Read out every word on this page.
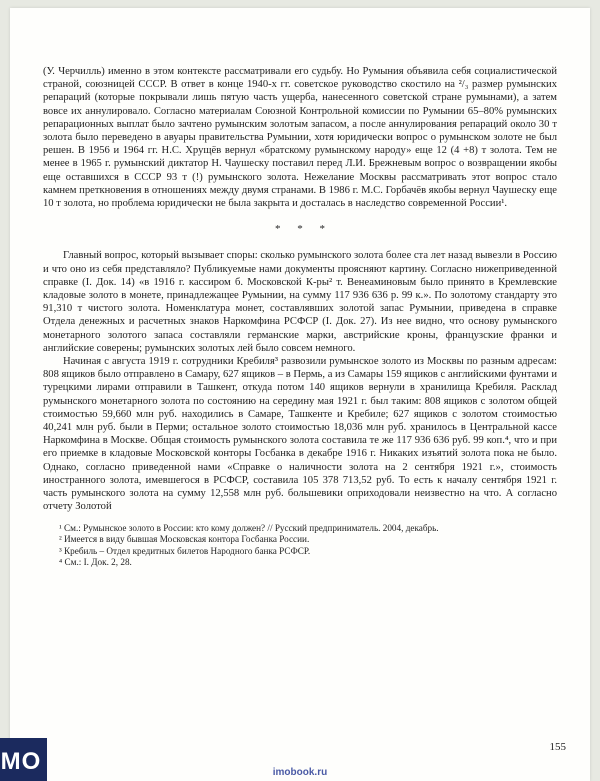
(У. Черчилль) именно в этом контексте рассматривали его судьбу. Но Румыния объявила себя социалистической страной, союзницей СССР. В ответ в конце 1940-х гг. советское руководство скостило на ²/₃ размер румынских репараций (которые покрывали лишь пятую часть ущерба, нанесенного советской стране румынами), а затем вовсе их аннулировало. Согласно материалам Союзной Контрольной комиссии по Румынии 65–80% румынских репарационных выплат было зачтено румынским золотым запасом, а после аннулирования репараций около 30 т золота было переведено в авуары правительства Румынии, хотя юридически вопрос о румынском золоте не был решен. В 1956 и 1964 гг. Н.С. Хрущёв вернул «братскому румынскому народу» еще 12 (4 +8) т золота. Тем не менее в 1965 г. румынский диктатор Н. Чаушеску поставил перед Л.И. Брежневым вопрос о возвращении якобы еще оставшихся в СССР 93 т (!) румынского золота. Нежелание Москвы рассматривать этот вопрос стало камнем преткновения в отношениях между двумя странами. В 1986 г. М.С. Горбачёв якобы вернул Чаушеску еще 10 т золота, но проблема юридически не была закрыта и досталась в наследство современной России¹.

* * *

Главный вопрос, который вызывает споры: сколько румынского золота более ста лет назад вывезли в Россию и что оно из себя представляло? Публикуемые нами документы проясняют картину. Согласно нижеприведенной справке (I. Док. 14) «в 1916 г. кассиром б. Московской К-ры² т. Венеаминовым было принято в Кремлевские кладовые золото в монете, принадлежащее Румынии, на сумму 117 936 636 р. 99 к.». По золотому стандарту это 91,310 т чистого золота. Номенклатура монет, составлявших золотой запас Румынии, приведена в справке Отдела денежных и расчетных знаков Наркомфина РСФСР (I. Док. 27). Из нее видно, что основу румынского монетарного золотого запаса составляли германские марки, австрийские кроны, французские франки и английские соверены; румынских золотых лей было совсем немного.

Начиная с августа 1919 г. сотрудники Кребиля³ развозили румынское золото из Москвы по разным адресам: 808 ящиков было отправлено в Самару, 627 ящиков – в Пермь, а из Самары 159 ящиков с английскими фунтами и турецкими лирами отправили в Ташкент, откуда потом 140 ящиков вернули в хранилища Кребиля. Расклад румынского монетарного золота по состоянию на середину мая 1921 г. был таким: 808 ящиков с золотом общей стоимостью 59,660 млн руб. находились в Самаре, Ташкенте и Кребиле; 627 ящиков с золотом стоимостью 40,241 млн руб. были в Перми; остальное золото стоимостью 18,036 млн руб. хранилось в Центральной кассе Наркомфина в Москве. Общая стоимость румынского золота составила те же 117 936 636 руб. 99 коп.⁴, что и при его приемке в кладовые Московской конторы Госбанка в декабре 1916 г. Никаких изъятий золота пока не было. Однако, согласно приведенной нами «Справке о наличности золота на 2 сентября 1921 г.», стоимость иностранного золота, имевшегося в РСФСР, составила 105 378 713,52 руб. То есть к началу сентября 1921 г. часть румынского золота на сумму 12,558 млн руб. большевики оприходовали неизвестно на что. А согласно отчету Золотой

¹ См.: Румынское золото в России: кто кому должен? // Русский предприниматель. 2004, декабрь.

² Имеется в виду бывшая Московская контора Госбанка России.

³ Кребиль – Отдел кредитных билетов Народного банка РСФСР.

⁴ См.: I. Док. 2, 28.

155
imobook.ru
МО
